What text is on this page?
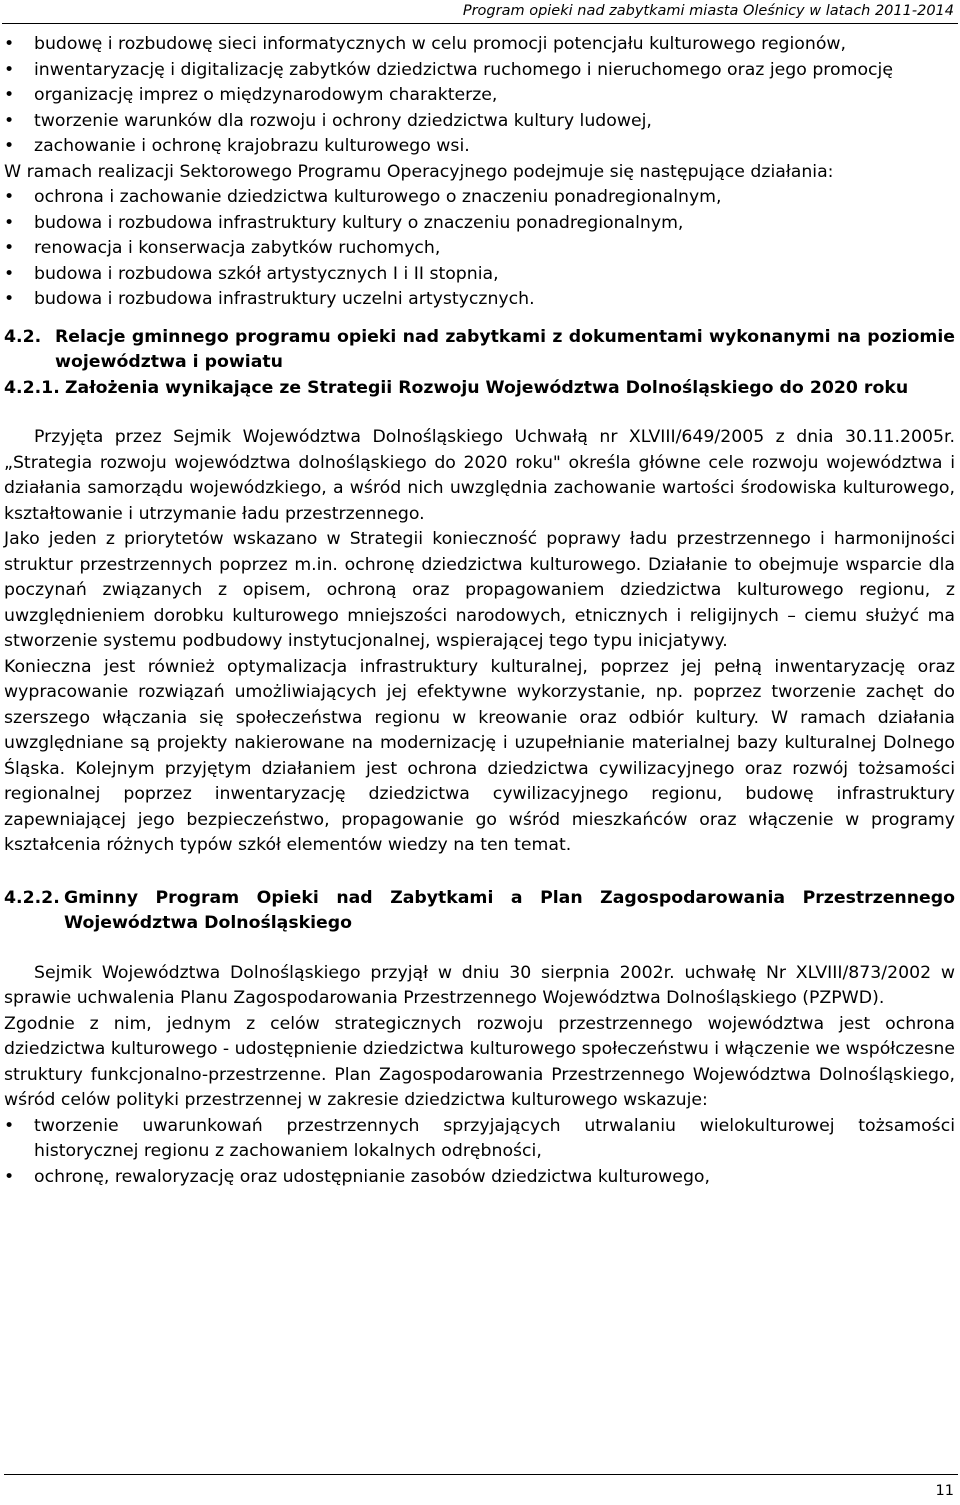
Program opieki nad zabytkami miasta Oleśnicy w latach 2011-2014
• budowę i rozbudowę sieci informatycznych w celu promocji potencjału kulturowego regionów,
• inwentaryzację i digitalizację zabytków dziedzictwa ruchomego i nieruchomego oraz jego promocję
• organizację imprez o międzynarodowym charakterze,
• tworzenie warunków dla rozwoju i ochrony dziedzictwa kultury ludowej,
• zachowanie i ochronę krajobrazu kulturowego wsi.

W ramach realizacji Sektorowego Programu Operacyjnego podejmuje się następujące działania:

• ochrona i zachowanie dziedzictwa kulturowego o znaczeniu ponadregionalnym,
• budowa i rozbudowa infrastruktury kultury o znaczeniu ponadregionalnym,
• renowacja i konserwacja zabytków ruchomych,
• budowa i rozbudowa szkół artystycznych I i II stopnia,
• budowa i rozbudowa infrastruktury uczelni artystycznych.
4.2. Relacje gminnego programu opieki nad zabytkami z dokumentami wykonanymi na poziomie województwa i powiatu
4.2.1. Założenia wynikające ze Strategii Rozwoju Województwa Dolnośląskiego do 2020 roku

Przyjęta przez Sejmik Województwa Dolnośląskiego Uchwałą nr XLVIII/649/2005 z dnia 30.11.2005r. „Strategia rozwoju województwa dolnośląskiego do 2020 roku" określa główne cele rozwoju województwa i działania samorządu wojewódzkiego, a wśród nich uwzględnia zachowanie wartości środowiska kulturowego, kształtowanie i utrzymanie ładu przestrzennego.

Jako jeden z priorytetów wskazano w Strategii konieczność poprawy ładu przestrzennego i harmonijności struktur przestrzennych poprzez m.in. ochronę dziedzictwa kulturowego. Działanie to obejmuje wsparcie dla poczynań związanych z opisem, ochroną oraz propagowaniem dziedzictwa kulturowego regionu, z uwzględnieniem dorobku kulturowego mniejszości narodowych, etnicznych i religijnych – ciemu służyć ma stworzenie systemu podbudowy instytucjonalnej, wspierającej tego typu inicjatywy.

Konieczna jest również optymalizacja infrastruktury kulturalnej, poprzez jej pełną inwentaryzację oraz wypracowanie rozwiązań umożliwiających jej efektywne wykorzystanie, np. poprzez tworzenie zachęt do szerszego włączania się społeczeństwa regionu w kreowanie oraz odbiór kultury. W ramach działania uwzględniane są projekty nakierowane na modernizację i uzupełnianie materialnej bazy kulturalnej Dolnego Śląska. Kolejnym przyjętym działaniem jest ochrona dziedzictwa cywilizacyjnego oraz rozwój tożsamości regionalnej poprzez inwentaryzację dziedzictwa cywilizacyjnego regionu, budowę infrastruktury zapewniającej jego bezpieczeństwo, propagowanie go wśród mieszkańców oraz włączenie w programy kształcenia różnych typów szkół elementów wiedzy na ten temat.

4.2.2. Gminny Program Opieki nad Zabytkami a Plan Zagospodarowania Przestrzennego Województwa Dolnośląskiego

Sejmik Województwa Dolnośląskiego przyjął w dniu 30 sierpnia 2002r. uchwałę Nr XLVIII/873/2002 w sprawie uchwalenia Planu Zagospodarowania Przestrzennego Województwa Dolnośląskiego (PZPWD).

Zgodnie z nim, jednym z celów strategicznych rozwoju przestrzennego województwa jest ochrona dziedzictwa kulturowego - udostępnienie dziedzictwa kulturowego społeczeństwu i włączenie we współczesne struktury funkcjonalno-przestrzenne. Plan Zagospodarowania Przestrzennego Województwa Dolnośląskiego, wśród celów polityki przestrzennej w zakresie dziedzictwa kulturowego wskazuje:

• tworzenie uwarunkowań przestrzennych sprzyjających utrwalaniu wielokulturowej tożsamości historycznej regionu z zachowaniem lokalnych odrębności,
• ochronę, rewaloryzację oraz udostępnianie zasobów dziedzictwa kulturowego,
11
